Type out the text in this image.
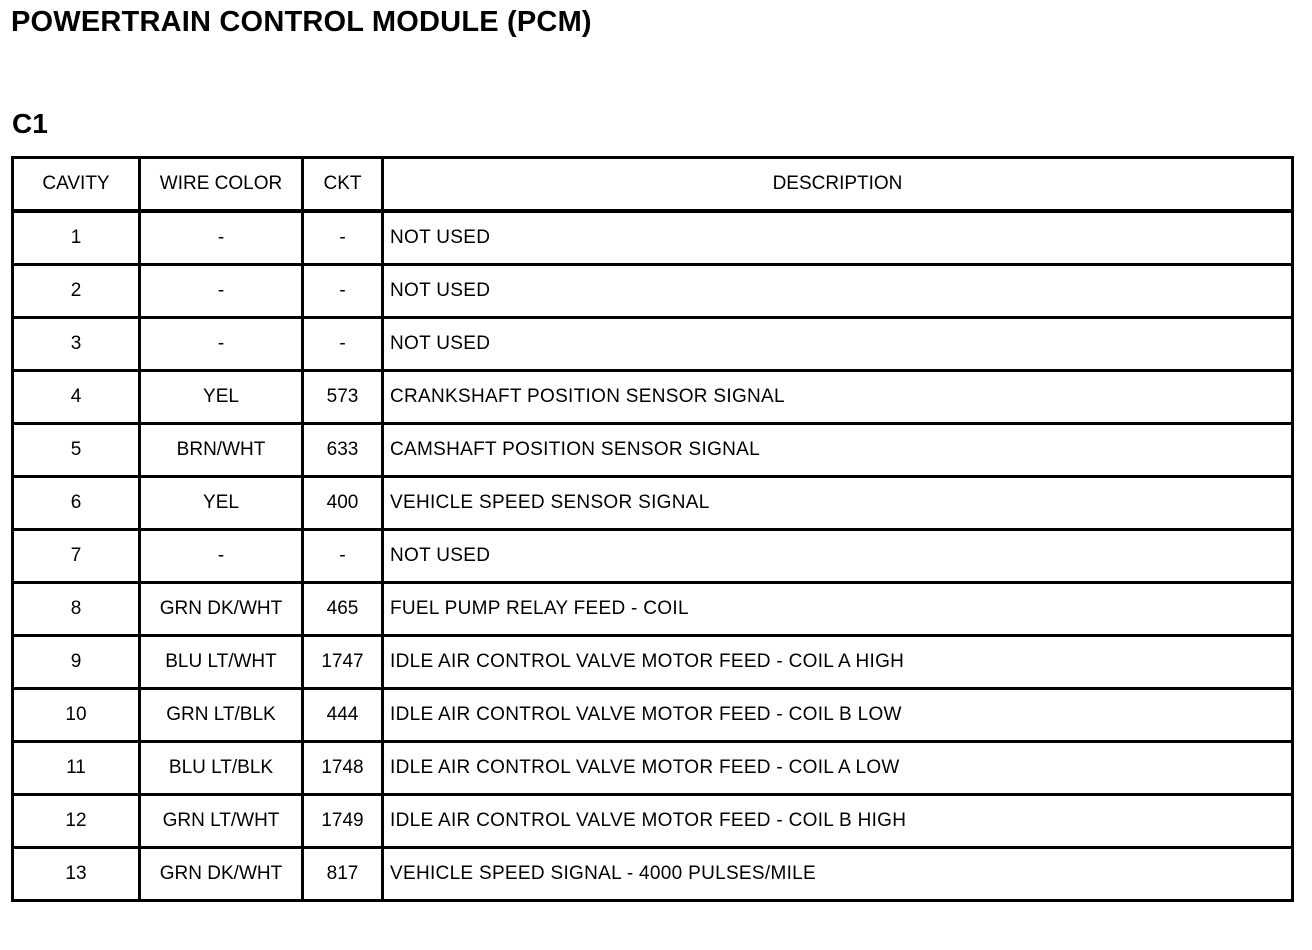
POWERTRAIN CONTROL MODULE (PCM)
C1
CAVITY	WIRE COLOR	CKT	DESCRIPTION
1	-	-	NOT USED
2	-	-	NOT USED
3	-	-	NOT USED
4	YEL	573	CRANKSHAFT POSITION SENSOR SIGNAL
5	BRN/WHT	633	CAMSHAFT POSITION SENSOR SIGNAL
6	YEL	400	VEHICLE SPEED SENSOR SIGNAL
7	-	-	NOT USED
8	GRN DK/WHT	465	FUEL PUMP RELAY FEED - COIL
9	BLU LT/WHT	1747	IDLE AIR CONTROL VALVE MOTOR FEED - COIL A HIGH
10	GRN LT/BLK	444	IDLE AIR CONTROL VALVE MOTOR FEED - COIL B LOW
11	BLU LT/BLK	1748	IDLE AIR CONTROL VALVE MOTOR FEED - COIL A LOW
12	GRN LT/WHT	1749	IDLE AIR CONTROL VALVE MOTOR FEED - COIL B HIGH
13	GRN DK/WHT	817	VEHICLE SPEED SIGNAL - 4000 PULSES/MILE
